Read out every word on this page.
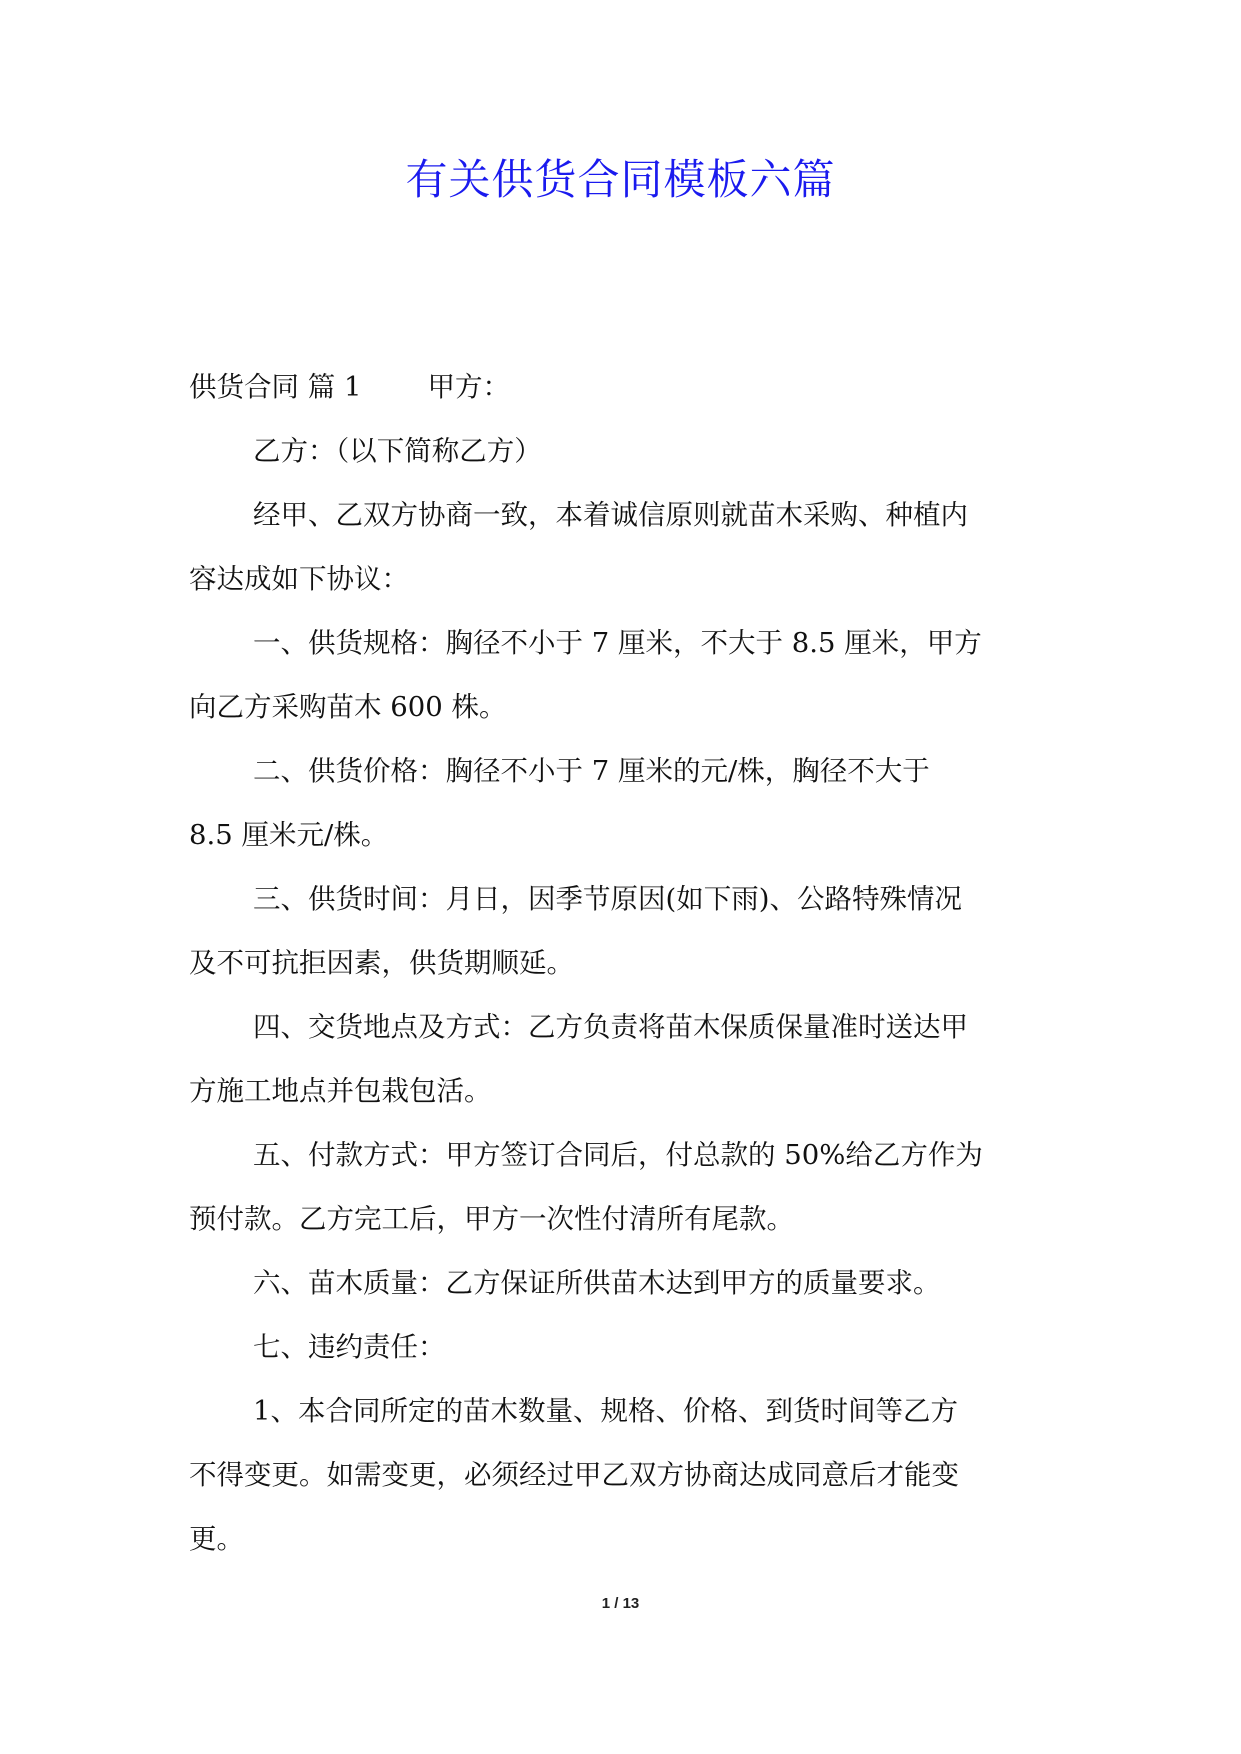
有关供货合同模板六篇
供货合同 篇 1 甲方：
乙方：（以下简称乙方）
经甲、乙双方协商一致，本着诚信原则就苗木采购、种植内
容达成如下协议：
一、供货规格：胸径不小于 7 厘米，不大于 8.5 厘米，甲方
向乙方采购苗木 600 株。
二、供货价格：胸径不小于 7 厘米的元/株，胸径不大于
8.5 厘米元/株。
三、供货时间：月日，因季节原因(如下雨)、公路特殊情况
及不可抗拒因素，供货期顺延。
四、交货地点及方式：乙方负责将苗木保质保量准时送达甲
方施工地点并包栽包活。
五、付款方式：甲方签订合同后，付总款的 50%给乙方作为
预付款。乙方完工后，甲方一次性付清所有尾款。
六、苗木质量：乙方保证所供苗木达到甲方的质量要求。
七、违约责任：
1、本合同所定的苗木数量、规格、价格、到货时间等乙方
不得变更。如需变更，必须经过甲乙双方协商达成同意后才能变
更。
1 / 13
